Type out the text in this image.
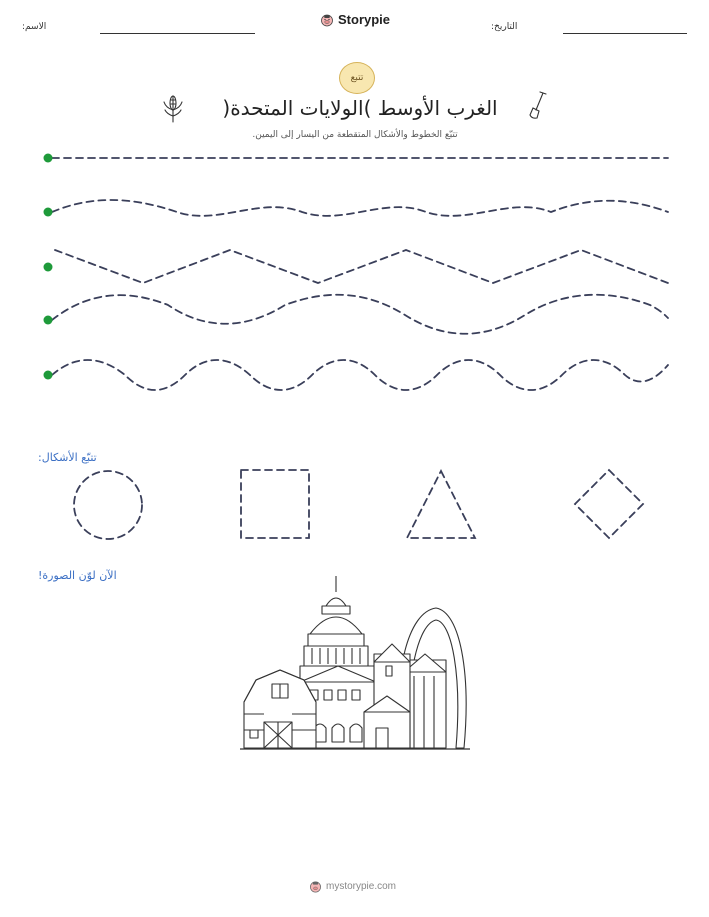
الاسم:	Storypie	التاريخ:
تتبع
الغرب الأوسط )الولايات المتحدة(
تتبّع الخطوط والأشكال المتقطعة من اليسار إلى اليمين.
تتبّع الأشكال:
الآن لوّن الصورة!
mystorypie.com
